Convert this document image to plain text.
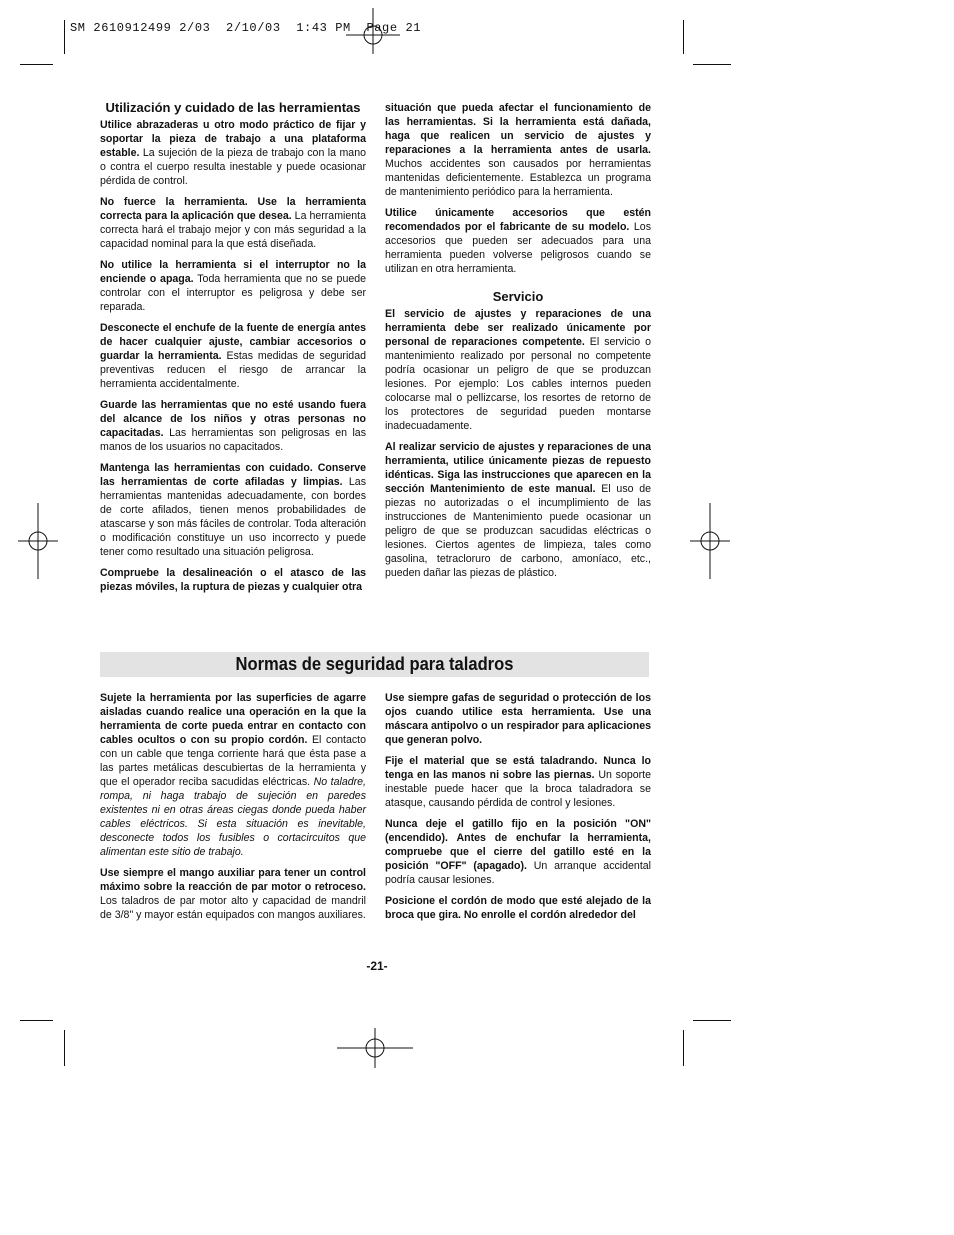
SM 2610912499 2/03  2/10/03  1:43 PM  Page 21
Utilización y cuidado de las herramientas

Utilice abrazaderas u otro modo práctico de fijar y soportar la pieza de trabajo a una plataforma estable. La sujeción de la pieza de trabajo con la mano o contra el cuerpo resulta inestable y puede ocasionar pérdida de control.

No fuerce la herramienta. Use la herramienta correcta para la aplicación que desea. La herramienta correcta hará el trabajo mejor y con más seguridad a la capacidad nominal para la que está diseñada.

No utilice la herramienta si el interruptor no la enciende o apaga. Toda herramienta que no se puede controlar con el interruptor es peligrosa y debe ser reparada.

Desconecte el enchufe de la fuente de energía antes de hacer cualquier ajuste, cambiar accesorios o guardar la herramienta. Estas medidas de seguridad preventivas reducen el riesgo de arrancar la herramienta accidentalmente.

Guarde las herramientas que no esté usando fuera del alcance de los niños y otras personas no capacitadas. Las herramientas son peligrosas en las manos de los usuarios no capacitados.

Mantenga las herramientas con cuidado. Conserve las herramientas de corte afiladas y limpias. Las herramientas mantenidas adecuadamente, con bordes de corte afilados, tienen menos probabilidades de atascarse y son más fáciles de controlar. Toda alteración o modificación constituye un uso incorrecto y puede tener como resultado una situación peligrosa.

Compruebe la desalineación o el atasco de las piezas móviles, la ruptura de piezas y cualquier otra

situación que pueda afectar el funcionamiento de las herramientas. Si la herramienta está dañada, haga que realicen un servicio de ajustes y reparaciones a la herramienta antes de usarla. Muchos accidentes son causados por herramientas mantenidas deficientemente. Establezca un programa de mantenimiento periódico para la herramienta.

Utilice únicamente accesorios que estén recomendados por el fabricante de su modelo. Los accesorios que pueden ser adecuados para una herramienta pueden volverse peligrosos cuando se utilizan en otra herramienta.

Servicio

El servicio de ajustes y reparaciones de una herramienta debe ser realizado únicamente por personal de reparaciones competente. El servicio o mantenimiento realizado por personal no competente podría ocasionar un peligro de que se produzcan lesiones. Por ejemplo: Los cables internos pueden colocarse mal o pellizcarse, los resortes de retorno de los protectores de seguridad pueden montarse inadecuadamente.

Al realizar servicio de ajustes y reparaciones de una herramienta, utilice únicamente piezas de repuesto idénticas. Siga las instrucciones que aparecen en la sección Mantenimiento de este manual. El uso de piezas no autorizadas o el incumplimiento de las instrucciones de Mantenimiento puede ocasionar un peligro de que se produzcan sacudidas eléctricas o lesiones. Ciertos agentes de limpieza, tales como gasolina, tetracloruro de carbono, amoníaco, etc., pueden dañar las piezas de plástico.

Normas de seguridad para taladros

Sujete la herramienta por las superficies de agarre aisladas cuando realice una operación en la que la herramienta de corte pueda entrar en contacto con cables ocultos o con su propio cordón. El contacto con un cable que tenga corriente hará que ésta pase a las partes metálicas descubiertas de la herramienta y que el operador reciba sacudidas eléctricas. No taladre, rompa, ni haga trabajo de sujeción en paredes existentes ni en otras áreas ciegas donde pueda haber cables eléctricos. Si esta situación es inevitable, desconecte todos los fusibles o cortacircuitos que alimentan este sitio de trabajo.

Use siempre el mango auxiliar para tener un control máximo sobre la reacción de par motor o retroceso. Los taladros de par motor alto y capacidad de mandril de 3/8" y mayor están equipados con mangos auxiliares.

Use siempre gafas de seguridad o protección de los ojos cuando utilice esta herramienta. Use una máscara antipolvo o un respirador para aplicaciones que generan polvo.

Fije el material que se está taladrando. Nunca lo tenga en las manos ni sobre las piernas. Un soporte inestable puede hacer que la broca taladradora se atasque, causando pérdida de control y lesiones.

Nunca deje el gatillo fijo en la posición "ON" (encendido). Antes de enchufar la herramienta, compruebe que el cierre del gatillo esté en la posición "OFF" (apagado). Un arranque accidental podría causar lesiones.

Posicione el cordón de modo que esté alejado de la broca que gira. No enrolle el cordón alrededor del

-21-
